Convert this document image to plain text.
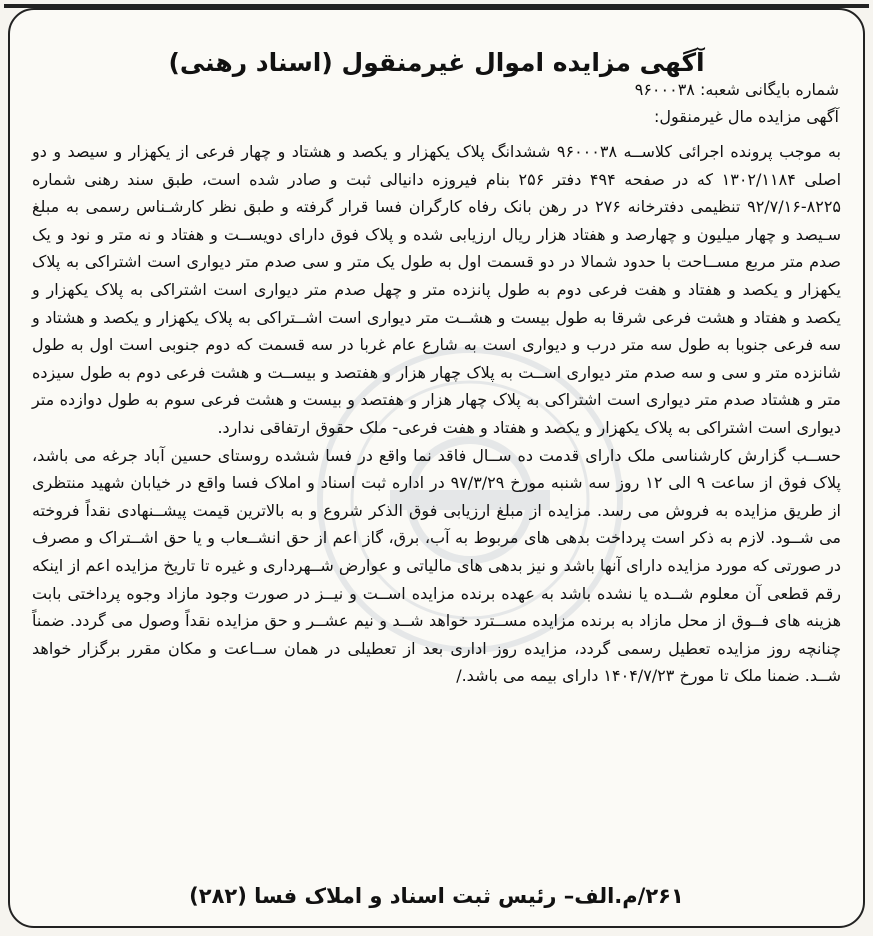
آگهی مزایده اموال غیرمنقول (اسناد رهنی)
شماره بایگانی شعبه: ۹۶۰۰۰۳۸
آگهی مزایده مال غیرمنقول:

به موجب پرونده اجرائی کلاســه ۹۶۰۰۰۳۸ ششدانگ پلاک یکهزار و یکصد و هشتاد و چهار فرعی از یکهزار و سیصد و دو اصلی ۱۳۰۲/۱۱۸۴ که در صفحه ۴۹۴ دفتر ۲۵۶ بنام فیروزه دانیالی ثبت و صادر شده است، طبق سند رهنی شماره ۸۲۲۵-۹۲/۷/۱۶ تنظیمی دفترخانه ۲۷۶ در رهن بانک رفاه کارگران فسا قرار گرفته و طبق نظر کارشـناس رسمی به مبلغ سـیصد و چهار میلیون و چهارصد و هفتاد هزار ریال ارزیابی شده و پلاک فوق دارای دویســت و هفتاد و نه متر و نود و یک صدم متر مربع مســاحت با حدود شمالا در دو قسمت اول به طول یک متر و سی صدم متر دیواری است اشتراکی به پلاک یکهزار و یکصد و هفتاد و هفت فرعی دوم به طول پانزده متر و چهل صدم متر دیواری است اشتراکی به پلاک یکهزار و یکصد و هفتاد و هشت فرعی شرقا به طول بیست و هشــت متر دیواری است اشــتراکی به پلاک یکهزار و یکصد و هشتاد و سه فرعی جنوبا به طول سه متر درب و دیواری است به شارع عام غربا در سه قسمت که دوم جنوبی است اول به طول شانزده متر و سی و سه صدم متر دیواری اســت به پلاک چهار هزار و هفتصد و بیســت و هشت فرعی دوم به طول سیزده متر و هشتاد صدم متر دیواری است اشتراکی به پلاک چهار هزار و هفتصد و بیست و هشت فرعی سوم به طول دوازده متر دیواری است اشتراکی به پلاک یکهزار و یکصد و هفتاد و هفت فرعی- ملک حقوق ارتفاقی ندارد.

حســب گزارش کارشناسی ملک دارای قدمت ده ســال فاقد نما واقع در فسا ششده روستای حسین آباد جرغه می باشد، پلاک فوق از ساعت ۹ الی ۱۲ روز سه شنبه مورخ ۹۷/۳/۲۹ در اداره ثبت اسناد و املاک فسا واقع در خیابان شهید منتظری از طریق مزایده به فروش می رسد. مزایده از مبلغ ارزیابی فوق الذکر شروع و به بالاترین قیمت پیشــنهادی نقداً فروخته می شــود. لازم به ذکر است پرداخت بدهی های مربوط به آب، برق، گاز اعم از حق انشــعاب و یا حق اشــتراک و مصرف در صورتی که مورد مزایده دارای آنها باشد و نیز بدهی های مالیاتی و عوارض شــهرداری و غیره تا تاریخ مزایده اعم از اینکه رقم قطعی آن معلوم شــده یا نشده باشد به عهده برنده مزایده اســت و نیــز در صورت وجود مازاد وجوه پرداختی بابت هزینه های فــوق از محل مازاد به برنده مزایده مســترد خواهد شــد و نیم عشــر و حق مزایده نقداً وصول می گردد. ضمناً چنانچه روز مزایده تعطیل رسمی گردد، مزایده روز اداری بعد از تعطیلی در همان ســاعت و مکان مقرر برگزار خواهد شــد. ضمنا ملک تا مورخ ۱۴۰۴/۷/۲۳ دارای بیمه می باشد./

۲۶۱/م.الف– رئیس ثبت اسناد و املاک فسا (۲۸۲)
